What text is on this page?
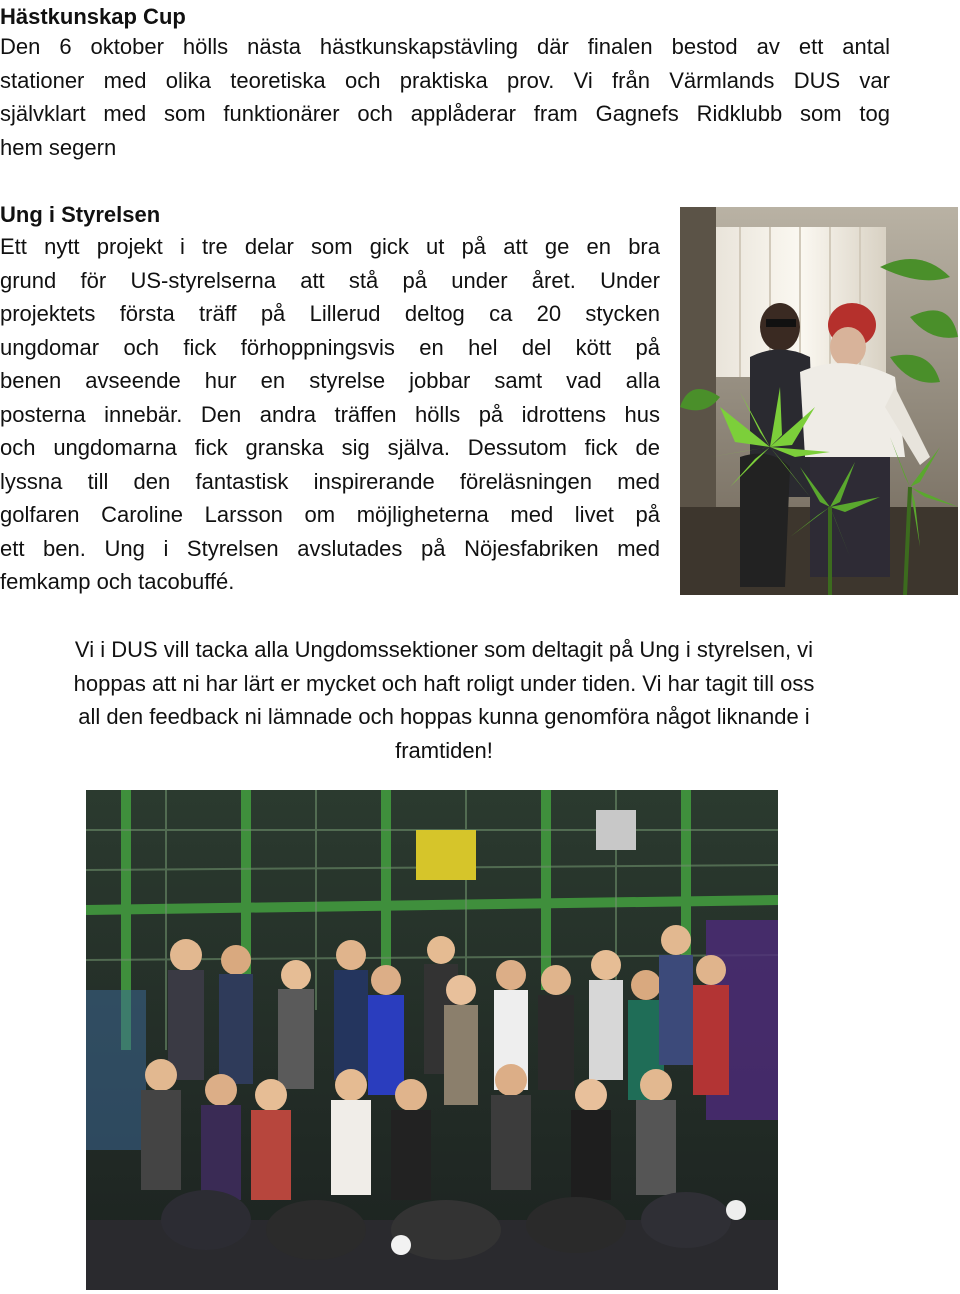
Hästkunskap Cup
Den 6 oktober hölls nästa hästkunskapstävling där finalen bestod av ett antal
stationer med olika teoretiska och praktiska prov. Vi från Värmlands DUS var
självklart med som funktionärer och applåderar fram Gagnefs Ridklubb som tog
hem segern
Ung i Styrelsen
Ett nytt projekt i tre delar som gick ut på att ge en bra
grund för US-styrelserna att stå på under året. Under
projektets första träff på Lillerud deltog ca 20 stycken
ungdomar och fick förhoppningsvis en hel del kött på
benen avseende hur en styrelse jobbar samt vad alla
posterna innebär. Den andra träffen hölls på idrottens hus
och ungdomarna fick granska sig själva. Dessutom fick de
lyssna till den fantastisk inspirerande föreläsningen med
golfaren Caroline Larsson om möjligheterna med livet på
ett ben. Ung i Styrelsen avslutades på Nöjesfabriken med
femkamp och tacobuffé.
Vi i DUS vill tacka alla Ungdomssektioner som deltagit på Ung i styrelsen, vi
hoppas att ni har lärt er mycket och haft roligt under tiden. Vi har tagit till oss
all den feedback ni lämnade och hoppas kunna genomföra något liknande i
framtiden!
